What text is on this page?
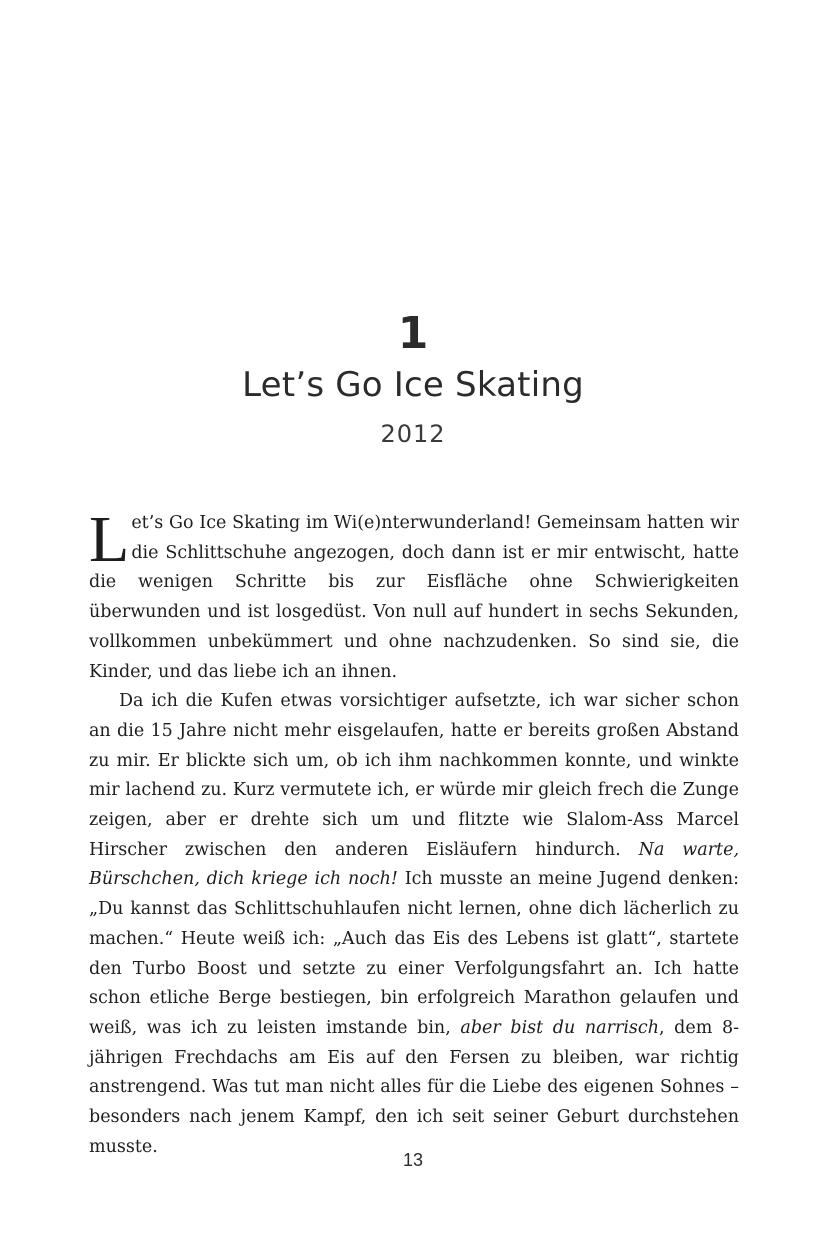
1
Let’s Go Ice Skating
2012

Let’s Go Ice Skating im Wi(e)nterwunderland! Gemeinsam hatten wir die Schlittschuhe angezogen, doch dann ist er mir entwischt, hatte die wenigen Schritte bis zur Eisfläche ohne Schwierigkeiten überwunden und ist losgedüst. Von null auf hundert in sechs Sekunden, vollkommen unbekümmert und ohne nachzudenken. So sind sie, die Kinder, und das liebe ich an ihnen.

Da ich die Kufen etwas vorsichtiger aufsetzte, ich war sicher schon an die 15 Jahre nicht mehr eisgelaufen, hatte er bereits großen Abstand zu mir. Er blickte sich um, ob ich ihm nachkommen konnte, und winkte mir lachend zu. Kurz vermutete ich, er würde mir gleich frech die Zunge zeigen, aber er drehte sich um und flitzte wie Slalom-Ass Marcel Hirscher zwischen den anderen Eisläufern hindurch. Na warte, Bürschchen, dich kriege ich noch! Ich musste an meine Jugend denken: „Du kannst das Schlittschuhlaufen nicht lernen, ohne dich lächerlich zu machen.“ Heute weiß ich: „Auch das Eis des Lebens ist glatt“, startete den Turbo Boost und setzte zu einer Verfolgungsfahrt an. Ich hatte schon etliche Berge bestiegen, bin erfolgreich Marathon gelaufen und weiß, was ich zu leisten imstande bin, aber bist du narrisch, dem 8-jährigen Frechdachs am Eis auf den Fersen zu bleiben, war richtig anstrengend. Was tut man nicht alles für die Liebe des eigenen Sohnes – besonders nach jenem Kampf, den ich seit seiner Geburt durchstehen musste.

13
